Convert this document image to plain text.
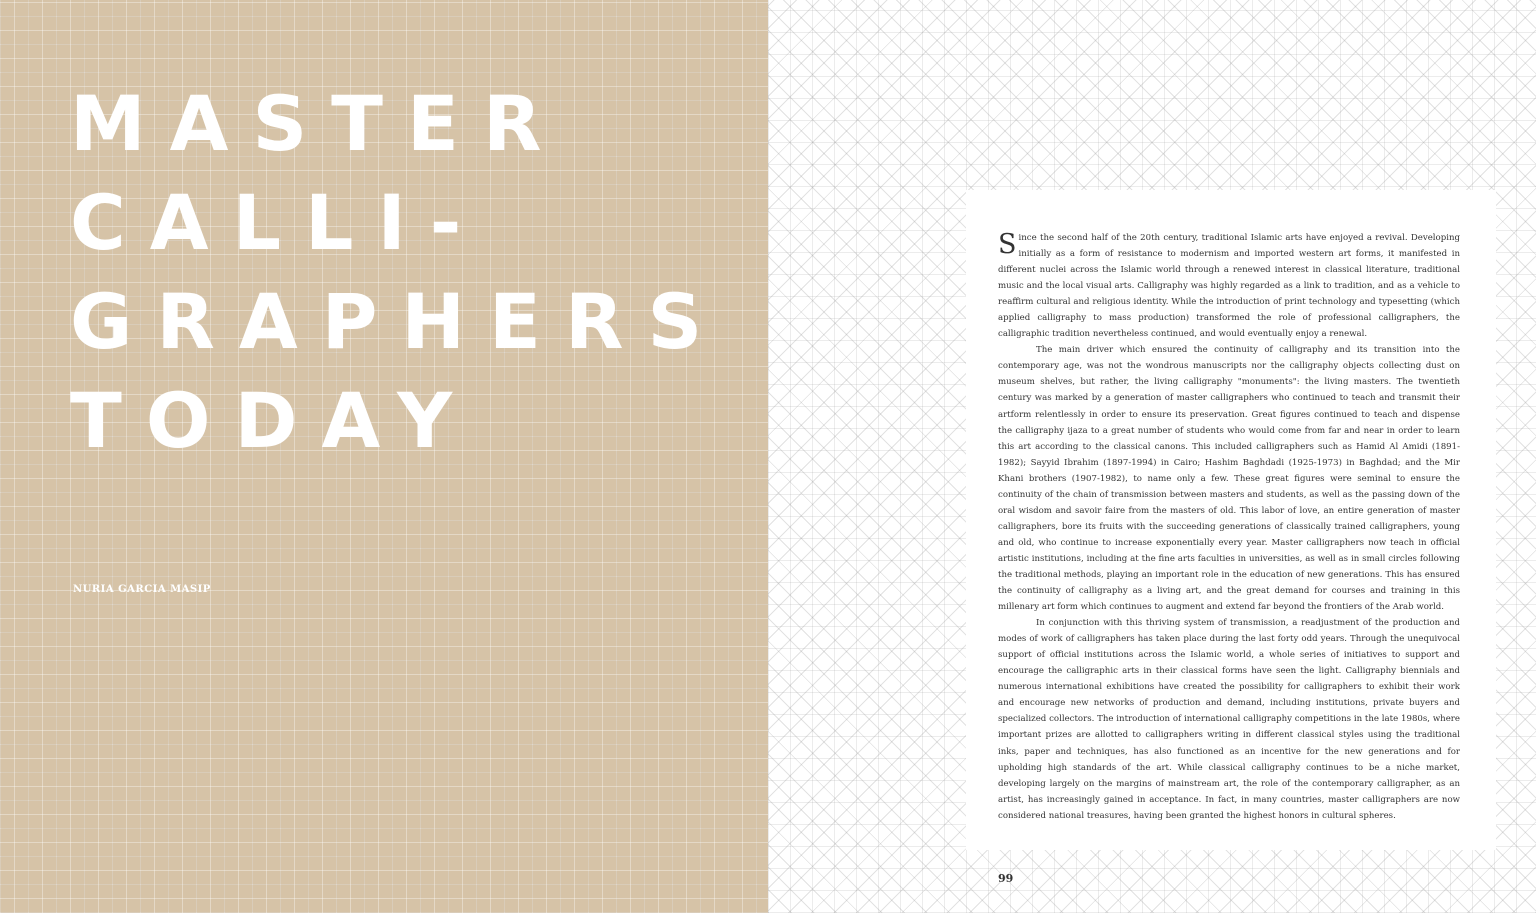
MASTER
CALLI-
GRAPHERS
TODAY
NURIA GARCIA MASIP

Since the second half of the 20th century, traditional Islamic arts have enjoyed a revival. Developing initially as a form of resistance to modernism and imported western art forms, it manifested in different nuclei across the Islamic world through a renewed interest in classical literature, traditional music and the local visual arts. Calligraphy was highly regarded as a link to tradition, and as a vehicle to reaffirm cultural and religious identity. While the introduction of print technology and typesetting (which applied calligraphy to mass production) transformed the role of professional calligraphers, the calligraphic tradition nevertheless continued, and would eventually enjoy a renewal.

The main driver which ensured the continuity of calligraphy and its transition into the contemporary age, was not the wondrous manuscripts nor the calligraphy objects collecting dust on museum shelves, but rather, the living calligraphy "monuments": the living masters. The twentieth century was marked by a generation of master calligraphers who continued to teach and transmit their artform relentlessly in order to ensure its preservation. Great figures continued to teach and dispense the calligraphy ijaza to a great number of students who would come from far and near in order to learn this art according to the classical canons. This included calligraphers such as Hamid Al Amidi (1891-1982); Sayyid Ibrahim (1897-1994) in Cairo; Hashim Baghdadi (1925-1973) in Baghdad; and the Mir Khani brothers (1907-1982), to name only a few. These great figures were seminal to ensure the continuity of the chain of transmission between masters and students, as well as the passing down of the oral wisdom and savoir faire from the masters of old. This labor of love, an entire generation of master calligraphers, bore its fruits with the succeeding generations of classically trained calligraphers, young and old, who continue to increase exponentially every year. Master calligraphers now teach in official artistic institutions, including at the fine arts faculties in universities, as well as in small circles following the traditional methods, playing an important role in the education of new generations. This has ensured the continuity of calligraphy as a living art, and the great demand for courses and training in this millenary art form which continues to augment and extend far beyond the frontiers of the Arab world.

In conjunction with this thriving system of transmission, a readjustment of the production and modes of work of calligraphers has taken place during the last forty odd years. Through the unequivocal support of official institutions across the Islamic world, a whole series of initiatives to support and encourage the calligraphic arts in their classical forms have seen the light. Calligraphy biennials and numerous international exhibitions have created the possibility for calligraphers to exhibit their work and encourage new networks of production and demand, including institutions, private buyers and specialized collectors. The introduction of international calligraphy competitions in the late 1980s, where important prizes are allotted to calligraphers writing in different classical styles using the traditional inks, paper and techniques, has also functioned as an incentive for the new generations and for upholding high standards of the art. While classical calligraphy continues to be a niche market, developing largely on the margins of mainstream art, the role of the contemporary calligrapher, as an artist, has increasingly gained in acceptance. In fact, in many countries, master calligraphers are now considered national treasures, having been granted the highest honors in cultural spheres.

99
